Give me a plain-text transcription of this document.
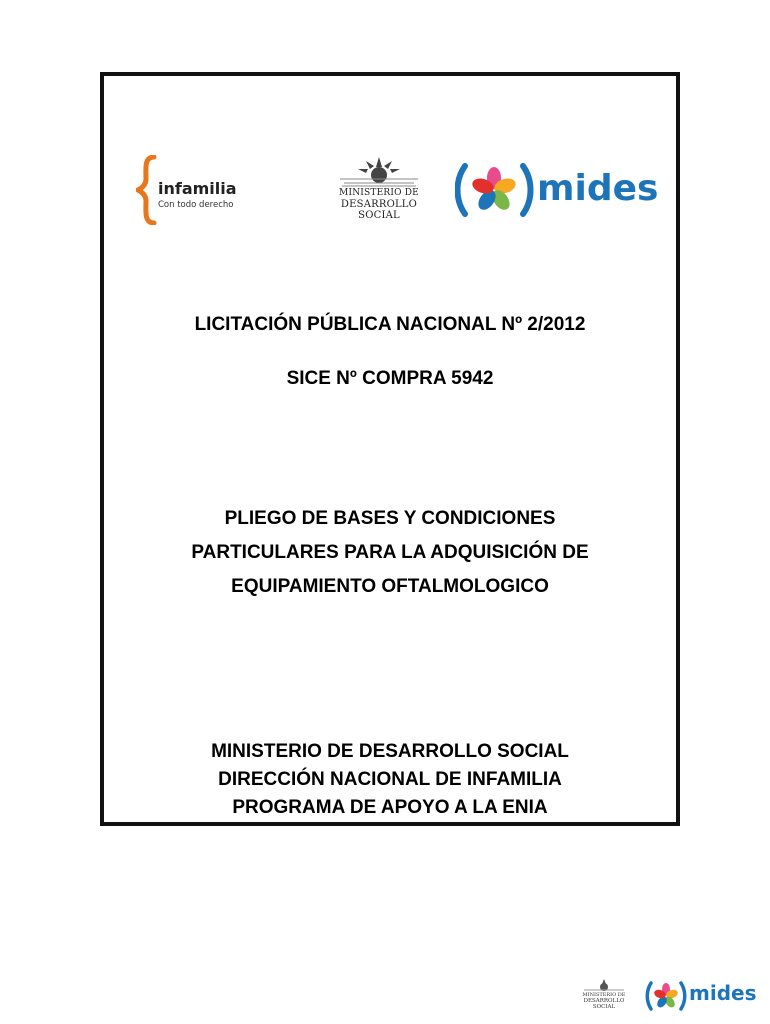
infamilia
Con todo derecho
MINISTERIO DE
DESARROLLO SOCIAL
mides
LICITACIÓN PÚBLICA NACIONAL Nº 2/2012
SICE Nº COMPRA 5942
PLIEGO DE BASES Y CONDICIONES
PARTICULARES PARA LA ADQUISICIÓN DE
EQUIPAMIENTO OFTALMOLOGICO
MINISTERIO DE DESARROLLO SOCIAL
DIRECCIÓN NACIONAL DE INFAMILIA
PROGRAMA DE APOYO A LA ENIA
MINISTERIO DE
DESARROLLO SOCIAL
mides
